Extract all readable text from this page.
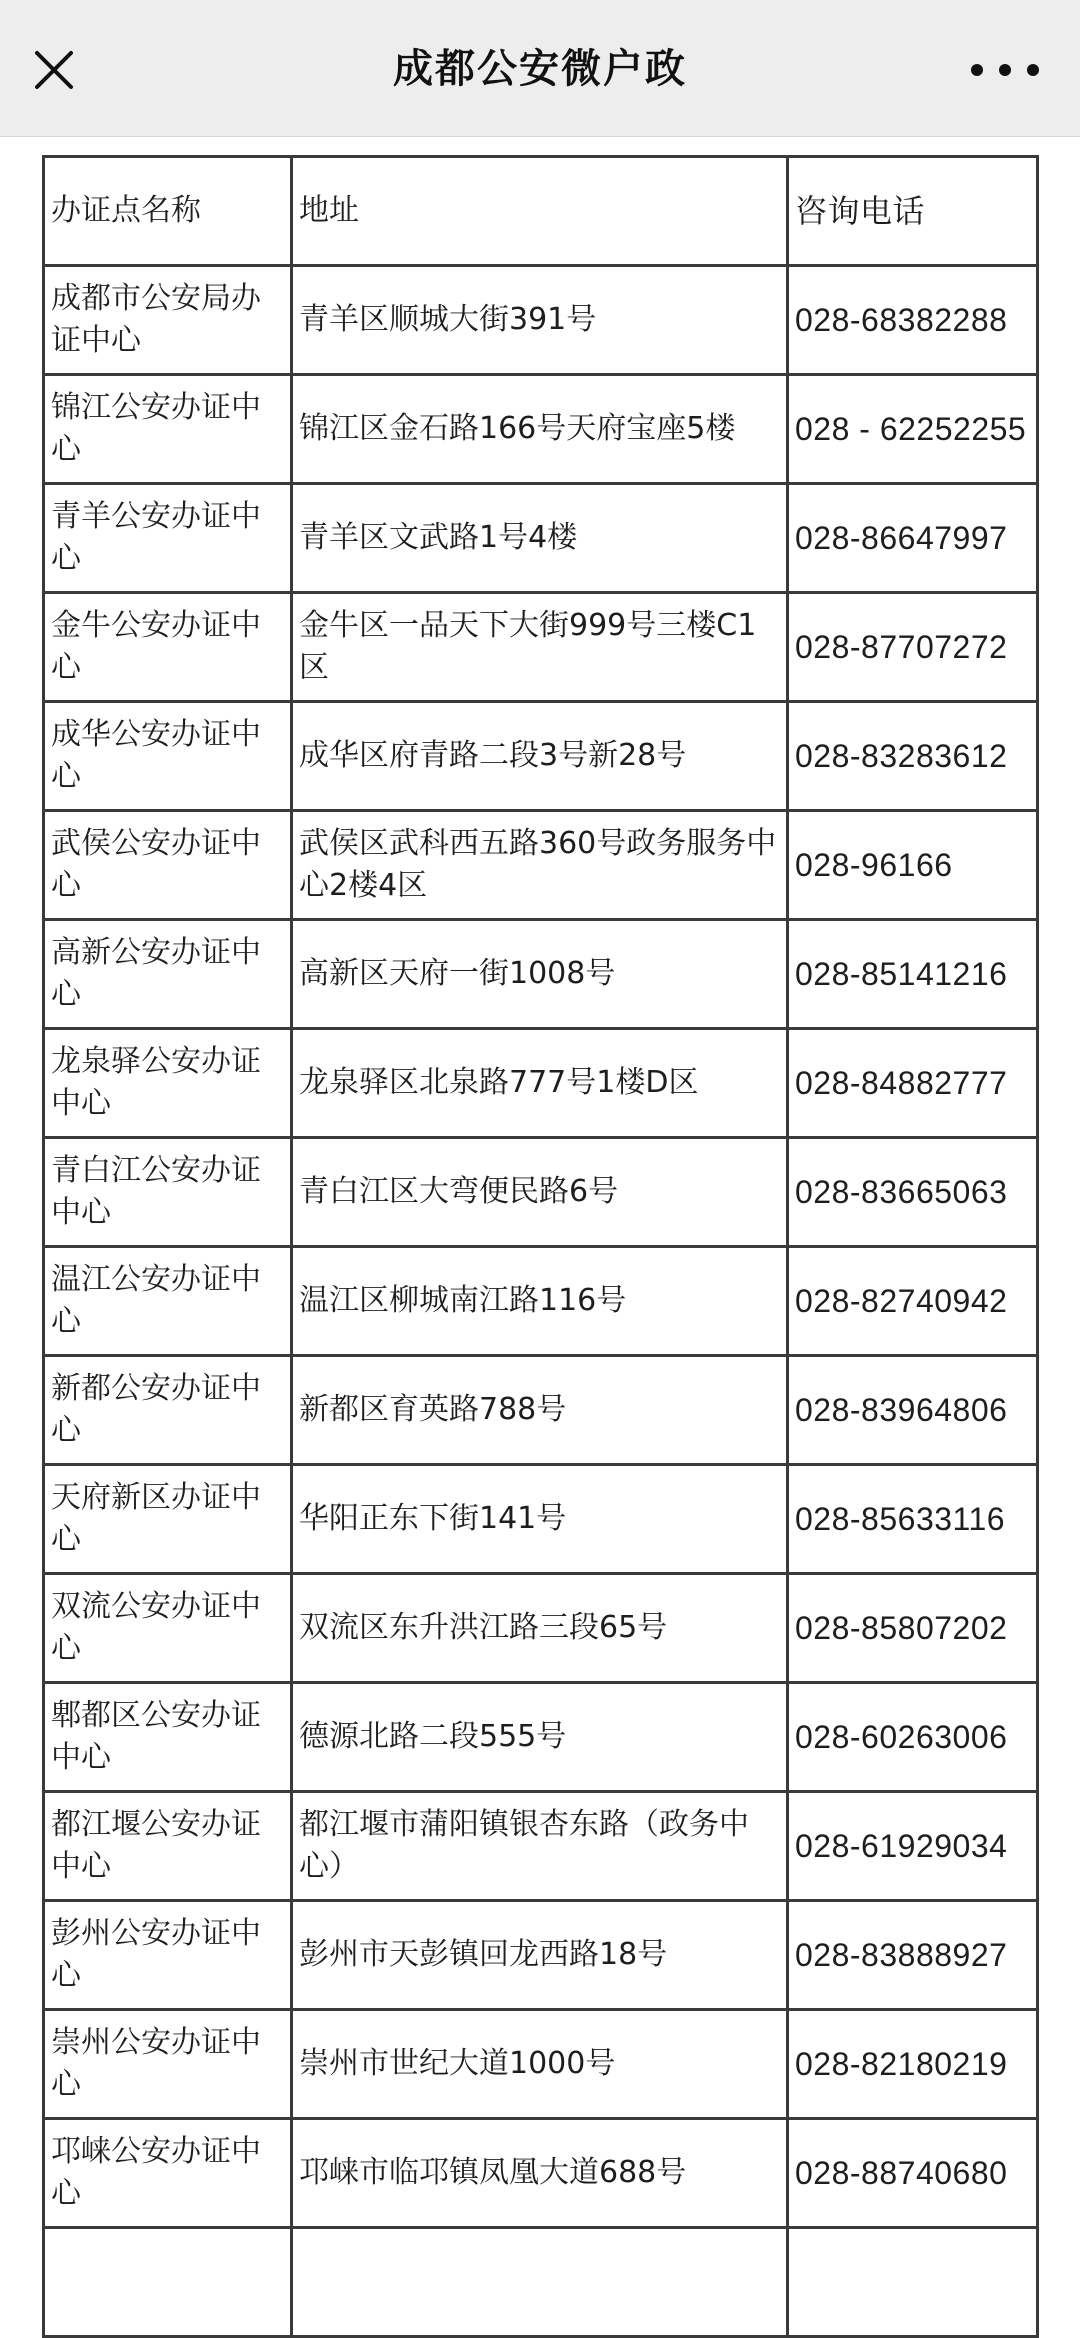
成都公安微户政
办证点名称	地址	咨询电话
成都市公安局办证中心	青羊区顺城大街391号	028-68382288
锦江公安办证中心	锦江区金石路166号天府宝座5楼	028 - 62252255
青羊公安办证中心	青羊区文武路1号4楼	028-86647997
金牛公安办证中心	金牛区一品天下大街999号三楼C1区	028-87707272
成华公安办证中心	成华区府青路二段3号新28号	028-83283612
武侯公安办证中心	武侯区武科西五路360号政务服务中心2楼4区	028-96166
高新公安办证中心	高新区天府一街1008号	028-85141216
龙泉驿公安办证中心	龙泉驿区北泉路777号1楼D区	028-84882777
青白江公安办证中心	青白江区大弯便民路6号	028-83665063
温江公安办证中心	温江区柳城南江路116号	028-82740942
新都公安办证中心	新都区育英路788号	028-83964806
天府新区办证中心	华阳正东下街141号	028-85633116
双流公安办证中心	双流区东升洪江路三段65号	028-85807202
郫都区公安办证中心	德源北路二段555号	028-60263006
都江堰公安办证中心	都江堰市蒲阳镇银杏东路（政务中心）	028-61929034
彭州公安办证中心	彭州市天彭镇回龙西路18号	028-83888927
崇州公安办证中心	崇州市世纪大道1000号	028-82180219
邛崃公安办证中心	邛崃市临邛镇凤凰大道688号	028-88740680
